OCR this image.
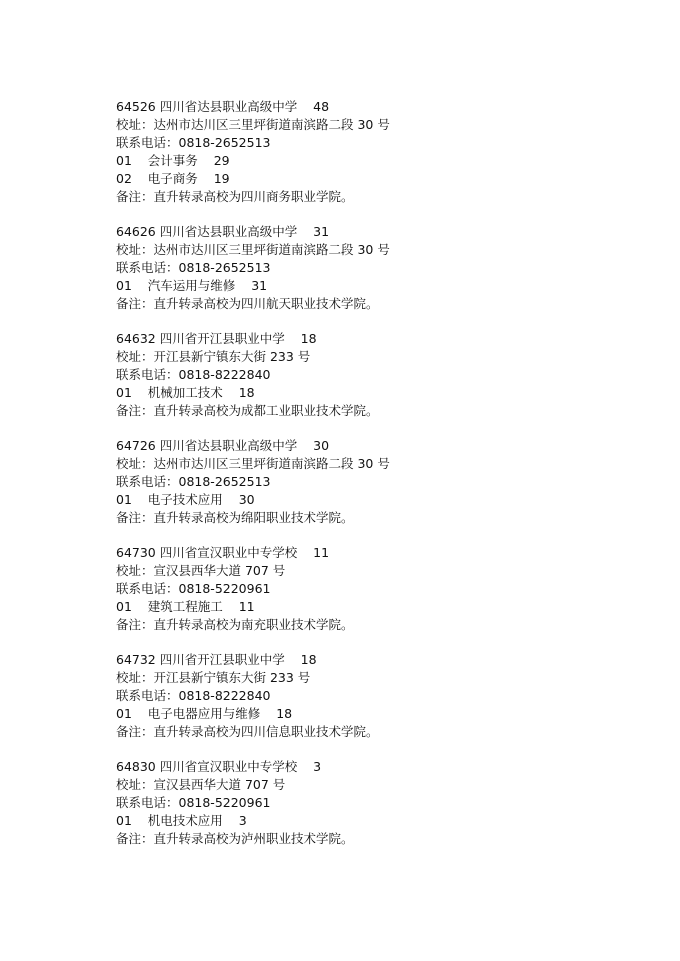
64526 四川省达县职业高级中学    48
校址：达州市达川区三里坪街道南滨路二段 30 号
联系电话：0818-2652513
01    会计事务    29
02    电子商务    19
备注：直升转录高校为四川商务职业学院。
64626 四川省达县职业高级中学    31
校址：达州市达川区三里坪街道南滨路二段 30 号
联系电话：0818-2652513
01    汽车运用与维修    31
备注：直升转录高校为四川航天职业技术学院。
64632 四川省开江县职业中学    18
校址：开江县新宁镇东大街 233 号
联系电话：0818-8222840
01    机械加工技术    18
备注：直升转录高校为成都工业职业技术学院。
64726 四川省达县职业高级中学    30
校址：达州市达川区三里坪街道南滨路二段 30 号
联系电话：0818-2652513
01    电子技术应用    30
备注：直升转录高校为绵阳职业技术学院。
64730 四川省宣汉职业中专学校    11
校址：宣汉县西华大道 707 号
联系电话：0818-5220961
01    建筑工程施工    11
备注：直升转录高校为南充职业技术学院。
64732 四川省开江县职业中学    18
校址：开江县新宁镇东大街 233 号
联系电话：0818-8222840
01    电子电器应用与维修    18
备注：直升转录高校为四川信息职业技术学院。
64830 四川省宣汉职业中专学校    3
校址：宣汉县西华大道 707 号
联系电话：0818-5220961
01    机电技术应用    3
备注：直升转录高校为泸州职业技术学院。
